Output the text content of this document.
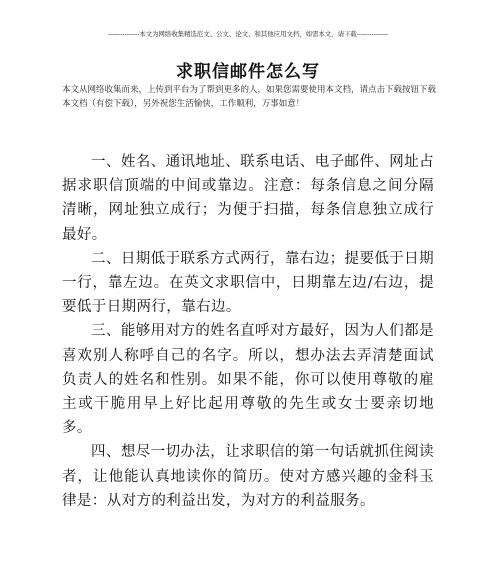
---------------本文为网络收集精选范文、公文、论文、和其他应用文档，如需本文，请下载---------------
求职信邮件怎么写
本文从网络收集而来，上传到平台为了帮到更多的人，如果您需要使用本文档，请点击下载按钮下载本文档（有偿下载），另外祝您生活愉快，工作顺利，万事如意！

一、姓名、通讯地址、联系电话、电子邮件、网址占据求职信顶端的中间或靠边。注意：每条信息之间分隔清晰，网址独立成行；为便于扫描，每条信息独立成行最好。

二、日期低于联系方式两行，靠右边；提要低于日期一行，靠左边。在英文求职信中，日期靠左边/右边，提要低于日期两行，靠右边。

三、能够用对方的姓名直呼对方最好，因为人们都是喜欢别人称呼自己的名字。所以，想办法去弄清楚面试负责人的姓名和性别。如果不能，你可以使用尊敬的雇主或干脆用早上好比起用尊敬的先生或女士要亲切地多。

四、想尽一切办法，让求职信的第一句话就抓住阅读者，让他能认真地读你的简历。使对方感兴趣的金科玉律是：从对方的利益出发，为对方的利益服务。
